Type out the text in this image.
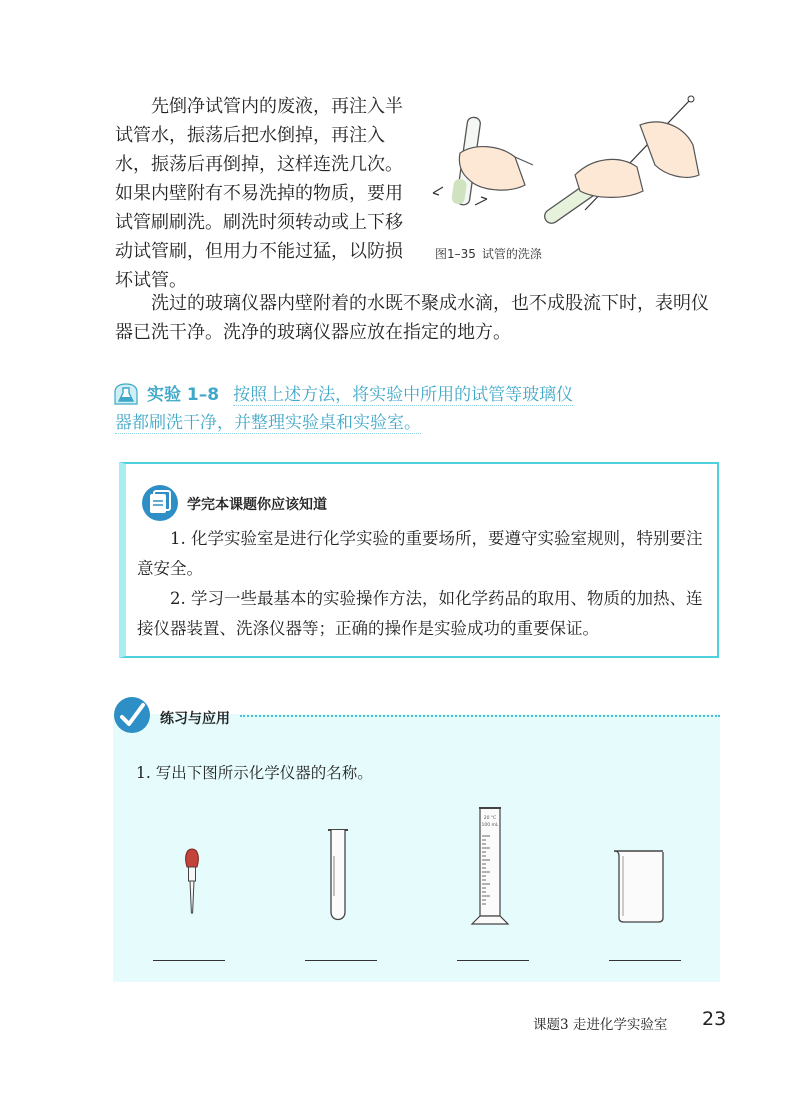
先倒净试管内的废液，再注入半试管水，振荡后把水倒掉，再注入水，振荡后再倒掉，这样连洗几次。如果内壁附有不易洗掉的物质，要用试管刷刷洗。刷洗时须转动或上下移动试管刷，但用力不能过猛，以防损坏试管。

图1–35 试管的洗涤

洗过的玻璃仪器内壁附着的水既不聚成水滴，也不成股流下时，表明仪器已洗干净。洗净的玻璃仪器应放在指定的地方。

实验 1–8 按照上述方法，将实验中所用的试管等玻璃仪器都刷洗干净，并整理实验桌和实验室。
学完本课题你应该知道

1. 化学实验室是进行化学实验的重要场所，要遵守实验室规则，特别要注意安全。

2. 学习一些最基本的实验操作方法，如化学药品的取用、物质的加热、连接仪器装置、洗涤仪器等；正确的操作是实验成功的重要保证。

练习与应用
1. 写出下图所示化学仪器的名称。
20 °C
100 mL
课题3 走进化学实验室 23
